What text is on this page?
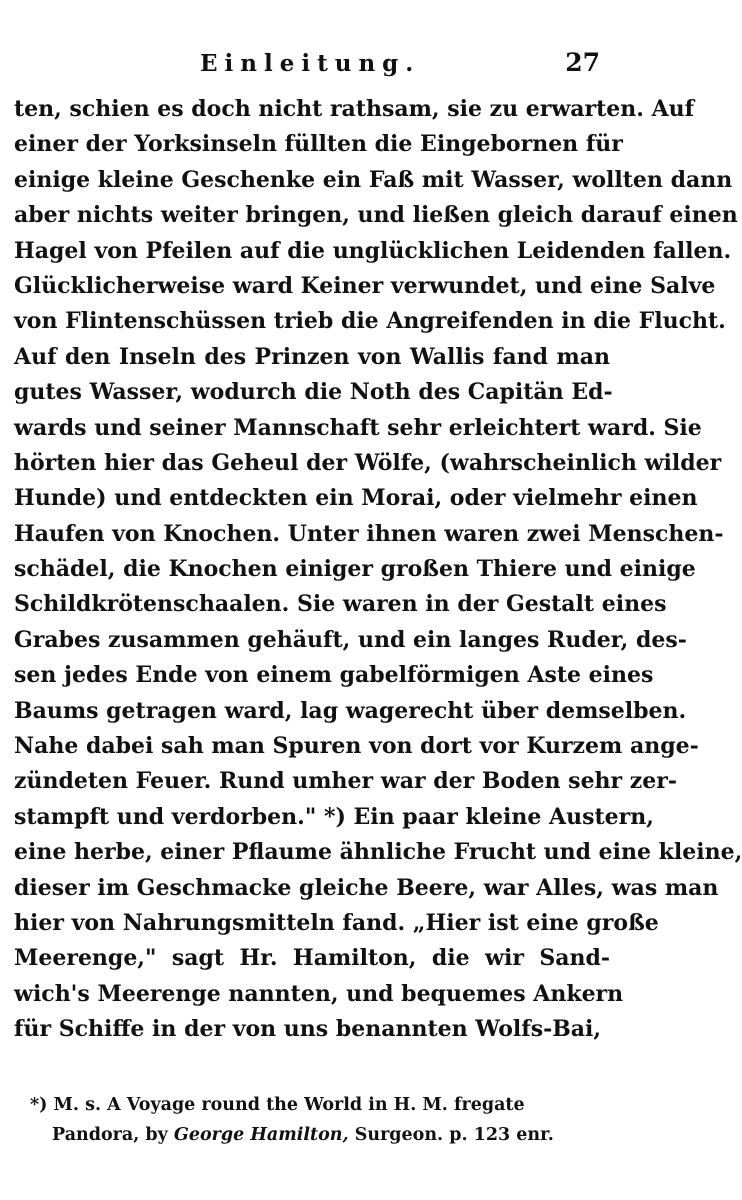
Einleitung.	27
ten, schien es doch nicht rathsam, sie zu erwarten. Auf
einer der Yorksinseln füllten die Eingebornen für
einige kleine Geschenke ein Faß mit Wasser, wollten dann
aber nichts weiter bringen, und ließen gleich darauf einen
Hagel von Pfeilen auf die unglücklichen Leidenden fallen.
Glücklicherweise ward Keiner verwundet, und eine Salve
von Flintenschüssen trieb die Angreifenden in die Flucht.
Auf den Inseln des Prinzen von Wallis fand man
gutes Wasser, wodurch die Noth des Capitän Ed-
wards und seiner Mannschaft sehr erleichtert ward. Sie
hörten hier das Geheul der Wölfe, (wahrscheinlich wilder
Hunde) und entdeckten ein Morai, oder vielmehr einen
Haufen von Knochen. Unter ihnen waren zwei Menschen-
schädel, die Knochen einiger großen Thiere und einige
Schildkrötenschaalen. Sie waren in der Gestalt eines
Grabes zusammen gehäuft, und ein langes Ruder, des-
sen jedes Ende von einem gabelförmigen Aste eines
Baums getragen ward, lag wagerecht über demselben.
Nahe dabei sah man Spuren von dort vor Kurzem ange-
zündeten Feuer. Rund umher war der Boden sehr zer-
stampft und verdorben." *) Ein paar kleine Austern,
eine herbe, einer Pflaume ähnliche Frucht und eine kleine,
dieser im Geschmacke gleiche Beere, war Alles, was man
hier von Nahrungsmitteln fand. „Hier ist eine große
Meerenge," sagt Hr. Hamilton, die wir Sand-
wich's Meerenge nannten, und bequemes Ankern
für Schiffe in der von uns benannten Wolfs-Bai,
*) M. s. A Voyage round the World in H. M. fregate
Pandora, by George Hamilton, Surgeon. p. 123 enr.
